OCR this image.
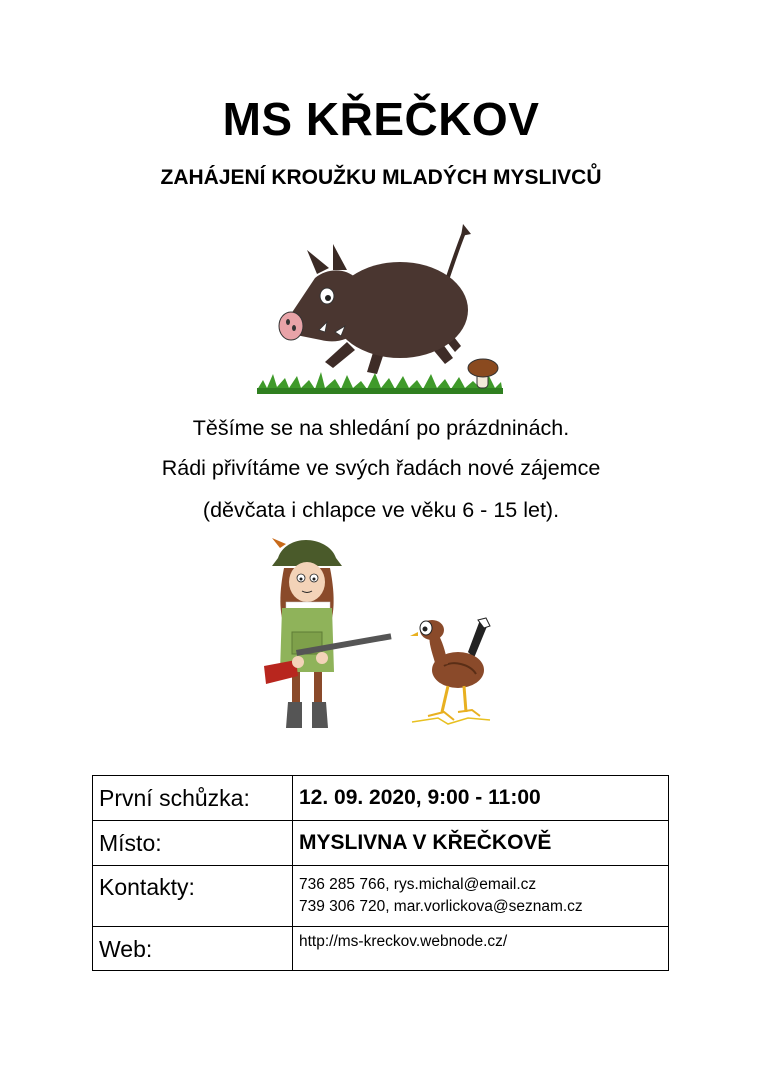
MS KŘEČKOV
ZAHÁJENÍ KROUŽKU MLADÝCH MYSLIVCŮ

Těšíme se na shledání po prázdninách.

Rádi přivítáme ve svých řadách nové zájemce

(děvčata i chlapce ve věku 6 - 15 let).

První schůzka:	12. 09. 2020, 9:00 - 11:00
Místo:	MYSLIVNA V KŘEČKOVĚ
Kontakty:	736 285 766, rys.michal@email.cz
739 306 720, mar.vorlickova@seznam.cz

Web:	http://ms-kreckov.webnode.cz/
